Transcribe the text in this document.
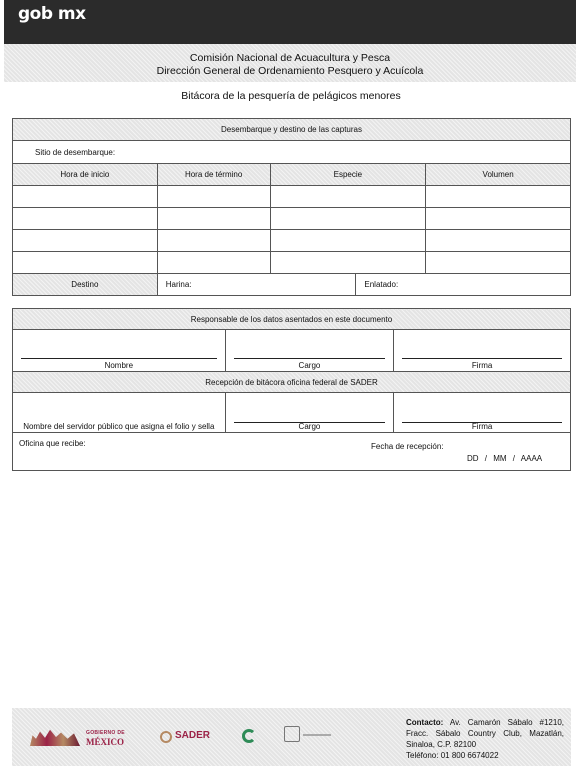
gob mx
Comisión Nacional de Acuacultura y Pesca
Dirección General de Ordenamiento Pesquero y Acuícola
Bitácora de la pesquería de pelágicos menores
Desembarque y destino de las capturas				
Sitio de desembarque:				
Hora de inicio	Hora de término	Especie		Volumen

Destino	Harina:		Enlatado:	
Responsable de los datos asentados en este documento		

Nombre	Cargo	Firma

Recepción de bitácora oficina federal de SADER		

Nombre del servidor público que asigna el folio y sella	Cargo	Firma

Oficina que recibe: Fecha de recepción:
DD / MM / AAAA		
GOBIERNO DE
MÉXICO
SADER
Contacto: Av. Camarón Sábalo #1210, Fracc. Sábalo Country Club, Mazatlán, Sinaloa, C.P. 82100
Teléfono: 01 800 6674022
